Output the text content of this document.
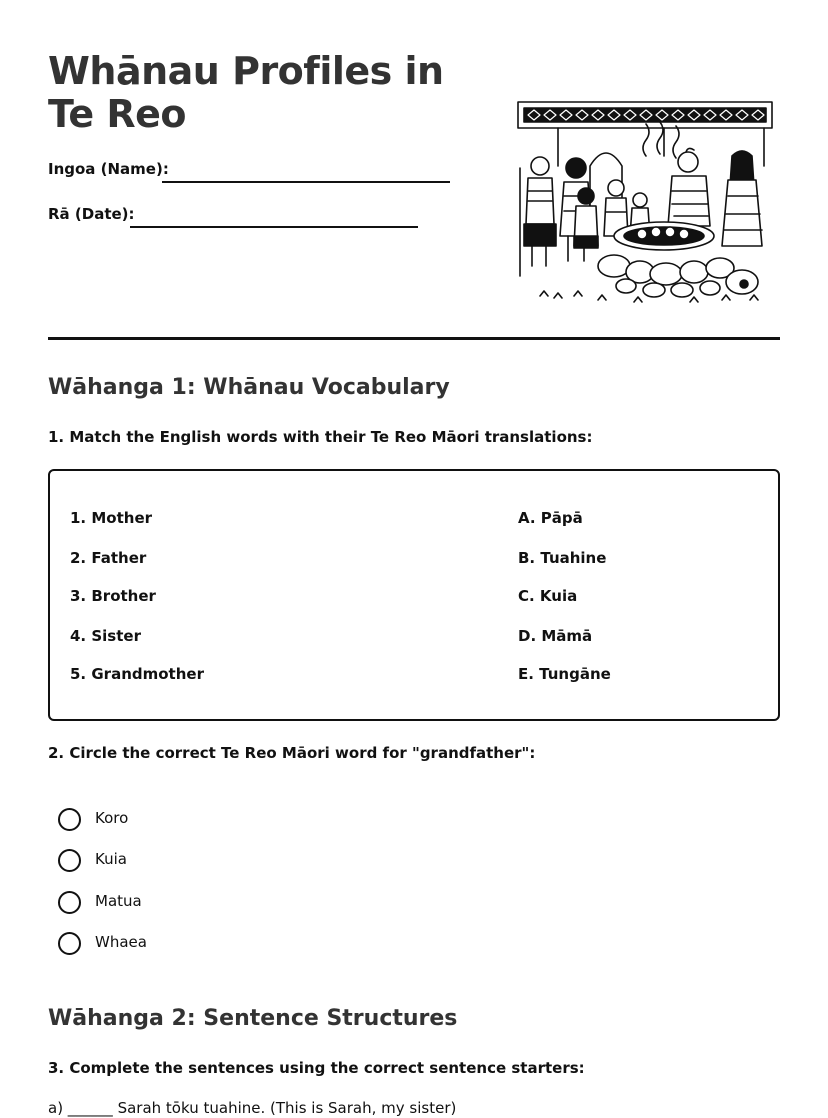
Whānau Profiles in Te Reo
Ingoa (Name):
Rā (Date):
Wāhanga 1: Whānau Vocabulary

1. Match the English words with their Te Reo Māori translations:

1. Mother
2. Father
3. Brother
4. Sister
5. Grandmother
A. Pāpā
B. Tuahine
C. Kuia
D. Māmā
E. Tungāne

2. Circle the correct Te Reo Māori word for "grandfather":

Koro
Kuia
Matua
Whaea
Wāhanga 2: Sentence Structures

3. Complete the sentences using the correct sentence starters:

a) ______ Sarah tōku tuahine. (This is Sarah, my sister)
